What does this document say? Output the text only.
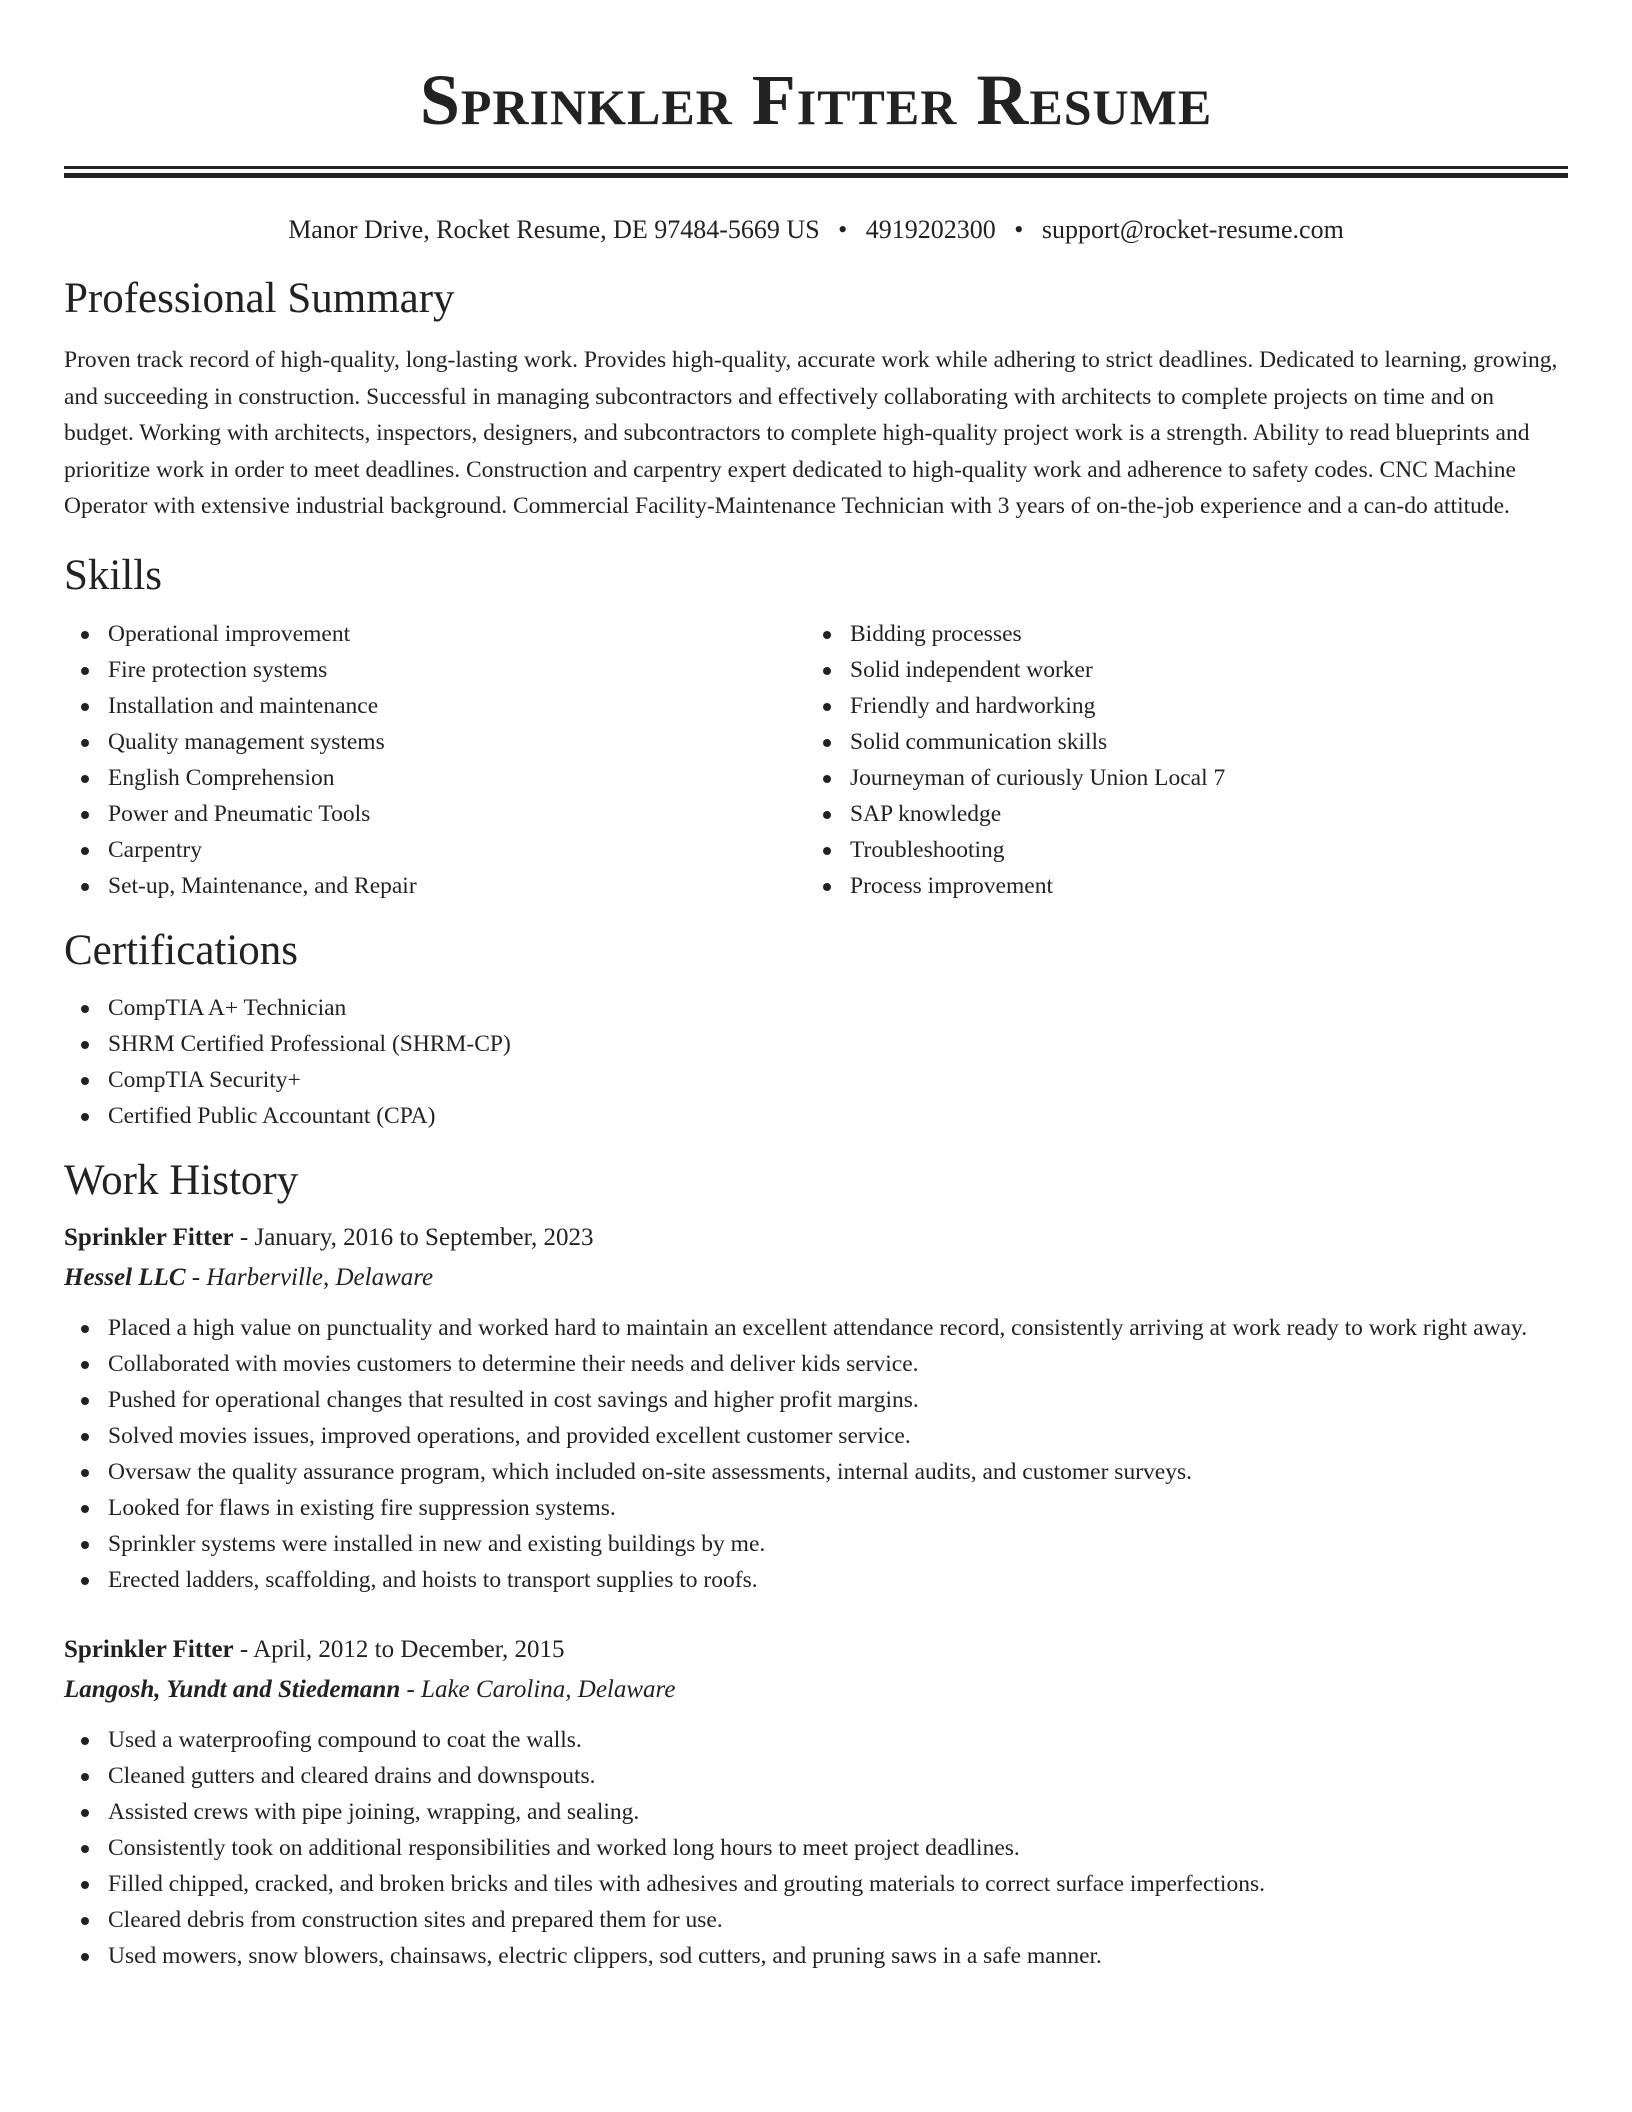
Sprinkler Fitter Resume
Manor Drive, Rocket Resume, DE 97484-5669 US • 4919202300 • support@rocket-resume.com
Professional Summary

Proven track record of high-quality, long-lasting work. Provides high-quality, accurate work while adhering to strict deadlines. Dedicated to learning, growing, and succeeding in construction. Successful in managing subcontractors and effectively collaborating with architects to complete projects on time and on budget. Working with architects, inspectors, designers, and subcontractors to complete high-quality project work is a strength. Ability to read blueprints and prioritize work in order to meet deadlines. Construction and carpentry expert dedicated to high-quality work and adherence to safety codes. CNC Machine Operator with extensive industrial background. Commercial Facility-Maintenance Technician with 3 years of on-the-job experience and a can-do attitude.

Skills
Operational improvement
Fire protection systems
Installation and maintenance
Quality management systems
English Comprehension
Power and Pneumatic Tools
Carpentry
Set-up, Maintenance, and Repair
Bidding processes
Solid independent worker
Friendly and hardworking
Solid communication skills
Journeyman of curiously Union Local 7
SAP knowledge
Troubleshooting
Process improvement
Certifications
CompTIA A+ Technician
SHRM Certified Professional (SHRM-CP)
CompTIA Security+
Certified Public Accountant (CPA)
Work History
Sprinkler Fitter - January, 2016 to September, 2023
Hessel LLC - Harberville, Delaware
Placed a high value on punctuality and worked hard to maintain an excellent attendance record, consistently arriving at work ready to work right away.
Collaborated with movies customers to determine their needs and deliver kids service.
Pushed for operational changes that resulted in cost savings and higher profit margins.
Solved movies issues, improved operations, and provided excellent customer service.
Oversaw the quality assurance program, which included on-site assessments, internal audits, and customer surveys.
Looked for flaws in existing fire suppression systems.
Sprinkler systems were installed in new and existing buildings by me.
Erected ladders, scaffolding, and hoists to transport supplies to roofs.
Sprinkler Fitter - April, 2012 to December, 2015
Langosh, Yundt and Stiedemann - Lake Carolina, Delaware
Used a waterproofing compound to coat the walls.
Cleaned gutters and cleared drains and downspouts.
Assisted crews with pipe joining, wrapping, and sealing.
Consistently took on additional responsibilities and worked long hours to meet project deadlines.
Filled chipped, cracked, and broken bricks and tiles with adhesives and grouting materials to correct surface imperfections.
Cleared debris from construction sites and prepared them for use.
Used mowers, snow blowers, chainsaws, electric clippers, sod cutters, and pruning saws in a safe manner.
